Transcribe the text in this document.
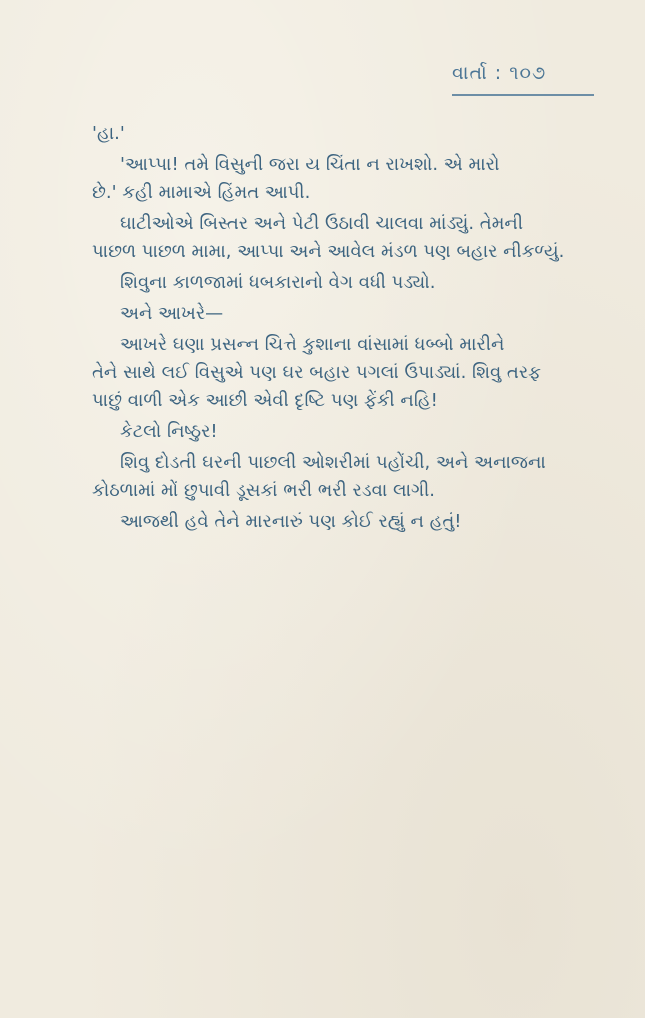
વાર્તા : ૧૦૭
'હા.'
'આપ્પા! તમે વિસુની જરા ય ચિંતા ન રાખશો. એ મારો
છે.' કહી મામાએ હિંમત આપી.
ઘાટીઓએ બિસ્તર અને પેટી ઉઠાવી ચાલવા માંડ્યું. તેમની
પાછળ પાછળ મામા, આપ્પા અને આવેલ મંડળ પણ બહાર નીકળ્યું.
શિવુના કાળજામાં ધબકારાનો વેગ વધી પડ્યો.
અને આખરે—
આખરે ઘણા પ્રસન્ન ચિત્તે કુશાના વાંસામાં ધબ્બો મારીને
તેને સાથે લઈ વિસુએ પણ ઘર બહાર પગલાં ઉપાડ્યાં. શિવુ તરફ
પાછું વાળી એક આછી એવી દૃષ્ટિ પણ ફેંકી નહિ!
કેટલો નિષ્ઠુર!
શિવુ દોડતી ઘરની પાછલી ઓશરીમાં પહોંચી, અને અનાજના
કોઠળામાં મોં છુપાવી ડૂસકાં ભરી ભરી રડવા લાગી.
આજથી હવે તેને મારનારું પણ કોઈ રહ્યું ન હતું!
